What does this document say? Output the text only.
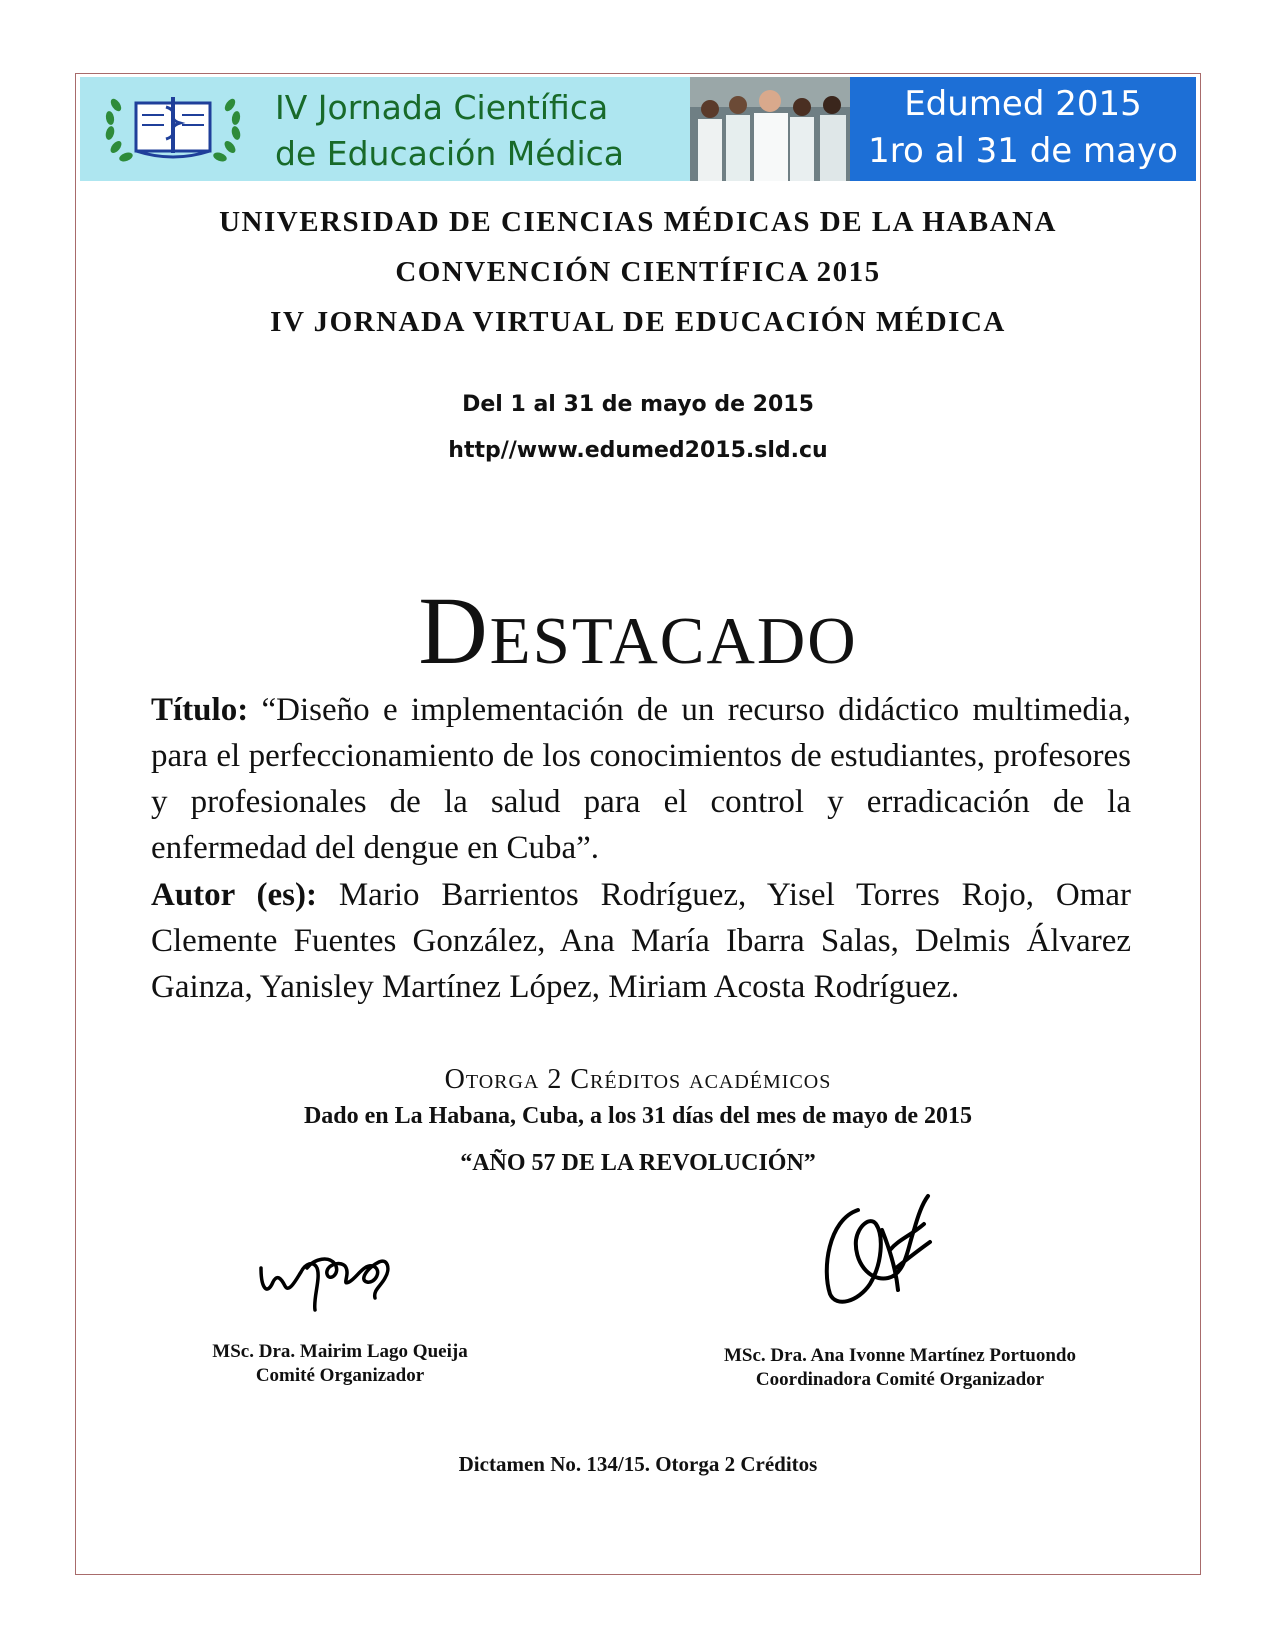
IV Jornada Científica
de Educación Médica
Edumed 2015
1ro al 31 de mayo
UNIVERSIDAD DE CIENCIAS MÉDICAS DE LA HABANA
CONVENCIÓN CIENTÍFICA 2015
IV JORNADA VIRTUAL DE EDUCACIÓN MÉDICA
Del 1 al 31 de mayo de 2015
http//www.edumed2015.sld.cu
Destacado
Título: “Diseño e implementación de un recurso didáctico multimedia, para el perfeccionamiento de los conocimientos de estudiantes, profesores y profesionales de la salud para el control y erradicación de la enfermedad del dengue en Cuba”.
Autor (es): Mario Barrientos Rodríguez, Yisel Torres Rojo, Omar Clemente Fuentes González, Ana María Ibarra Salas, Delmis Álvarez Gainza, Yanisley Martínez López, Miriam Acosta Rodríguez.
Otorga 2 Créditos académicos
Dado en La Habana, Cuba, a los 31 días del mes de mayo de 2015
“AÑO 57 DE LA REVOLUCIÓN”
MSc. Dra. Mairim Lago Queija
Comité Organizador
MSc. Dra. Ana Ivonne Martínez Portuondo
Coordinadora Comité Organizador
Dictamen No. 134/15. Otorga 2 Créditos
